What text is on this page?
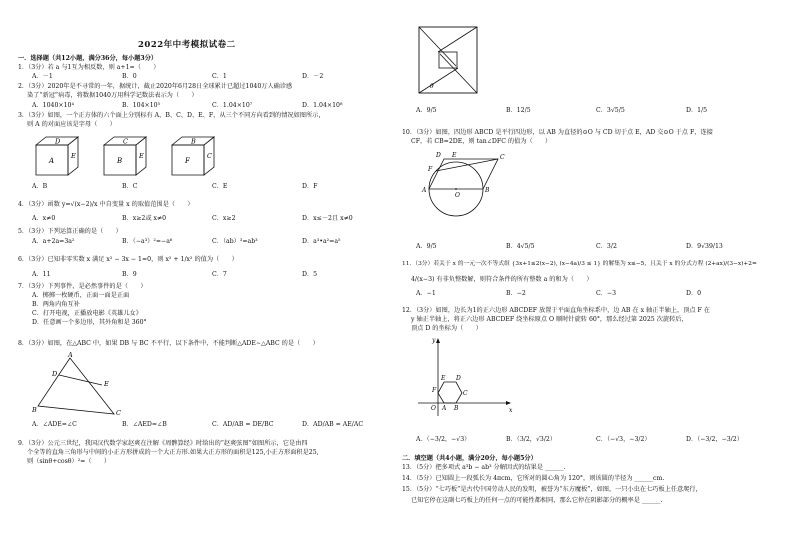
2022年中考模拟试卷二
一．选择题（共12小题，满分36分，每小题3分）
1．（3分）若 a 与1互为相反数，则 a+1=（　　）
A．－1	B．0	C．1	D．－2
2．（3分）2020年是不寻常的一年，据统计，截止2020年6月28日全球累计已超过1040万人确诊感
染了“新冠”病毒，将数据1040万用科学记数法表示为（　　）
A．1040×10⁴	B．104×10⁵	C．1.04×10⁷	D．1.04×10⁸
3．（3分）如图，一个正方体的六个面上分别标有 A、B、C、D、E、F，从三个不同方向看到的情况如图所示，
则 A 的对面应该是字母（　　）
D
A
E
C
B
E
B
F
C
A．B	B．C	C．E	D．F
4．（3分）函数 y=√(x−2)/x 中自变量 x 的取值范围是（　　）
A．x≠0	B．x≥2或 x≠0	C．x≥2	D．x≤－2且 x≠0
5．（3分）下列运算正确的是（　　）
A．a+2a=3a²	B．（−a³）²=−a⁶	C．（ab）³=ab³	D．a³•a²=a⁵
6．（3分）已知非零实数 x 满足 x² − 3x − 1=0，则 x² + 1/x² 的值为（　　）
A．11	B．9	C．7	D．5
7．（3分）下列事件，是必然事件的是（　　）
A．掷掷一枚硬币，正面一面是正面
B．两角内角互补
C．打开电视，正播放电影《英雄儿女》
D．任意画一个多边形，其外角和是 360°
8．（3分）如图，在△ABC 中，如果 DB 与 BC 不平行，以下条件中，不能判断△ADE∼△ABC 的是（　　）
A
D
E
B	C
A．∠ADE=∠C	B．∠AED=∠B	C．AD/AB = DE/BC	D．AD/AB = AE/AC
9．（3分）公元三世纪，我国汉代数学家赵爽在注解《周髀算经》时给出的“赵爽弦图”如图所示，它是由四
个全等的直角三角形与中间的小正方形拼成的一个大正方形.如果大正方形的面积是125,小正方形面积是25,
则（sinθ+cosθ）²=（　　）
θ
A．9/5	B．12/5	C．3√5/5	D．1/5
10．（3分）如图，四边形 ABCD 是平行四边形，以 AB 为直径的⊙O 与 CD 切于点 E，AD 交⊙O 于点 F，连接
CF，若 CB=2DE，则 tan∠DFC 的值为（　　）
D E	C
F
O
A	B
A．9/5	B．4√5/5	C．3/2	D．9√39/13
11．（3分）若关于 x 的一元一次不等式组 {3x+1≤2(x−2), (x−4a)/3 ≤ 1} 的解集为 x≤−5，且关于 x 的分式方程 (2+ax)/(3−x)+2=
4/(x−3) 有非负整数解，则符合条件的所有整数 a 的和为（　　）
A．−1	B．−2	C．−3	D．0
12．（3分）如图，边长为1的正六边形 ABCDEF 放置于平面直角坐标系中，边 AB 在 x 轴正半轴上，顶点 F 在
y 轴正半轴上，将正六边形 ABCDEF 绕坐标原点 O 顺时针旋转 60°，那么经过第 2025 次旋转后，
顶点 D 的坐标为（　　）
y
E D
F	C
O A B	x
A．（−3/2，−√3）	B．（3/2，√3/2）	C．（−√3，−3/2）	D．（−3/2，−3/2）
二．填空题（共4小题，满分20分，每小题5分）
13．（5分）把多项式 a³b − ab³ 分解因式的结果是 ______.
14．（5分）已知圆上一段弧长为 4πcm，它所对的圆心角为 120°，则该圆的半径为 ______cm.
15．（5分）“七巧板”是古代中国劳动人民的发明，被誉为“东方魔板”，如图，一只小虫在七巧板上任意爬行，
已知它停在这副七巧板上的任何一点的可能性都相同，那么它停在阴影部分的概率是 ______.
